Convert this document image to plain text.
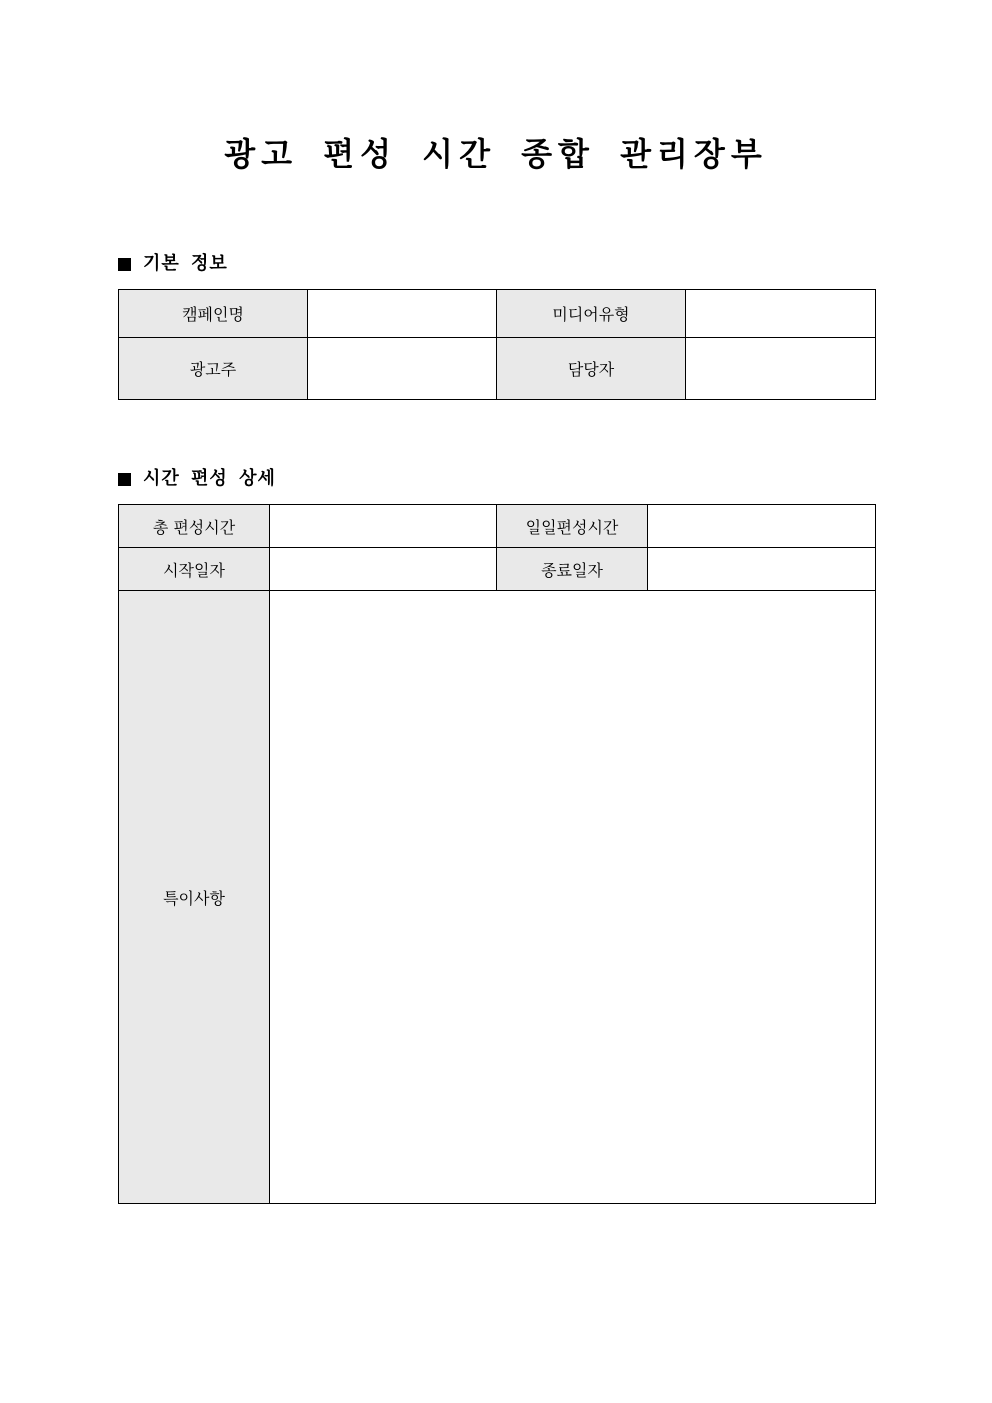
광고 편성 시간 종합 관리장부
기본 정보
캠페인명		미디어유형	
광고주		담당자	
시간 편성 상세
총 편성시간		일일편성시간	
시작일자		종료일자	
특이사항			
